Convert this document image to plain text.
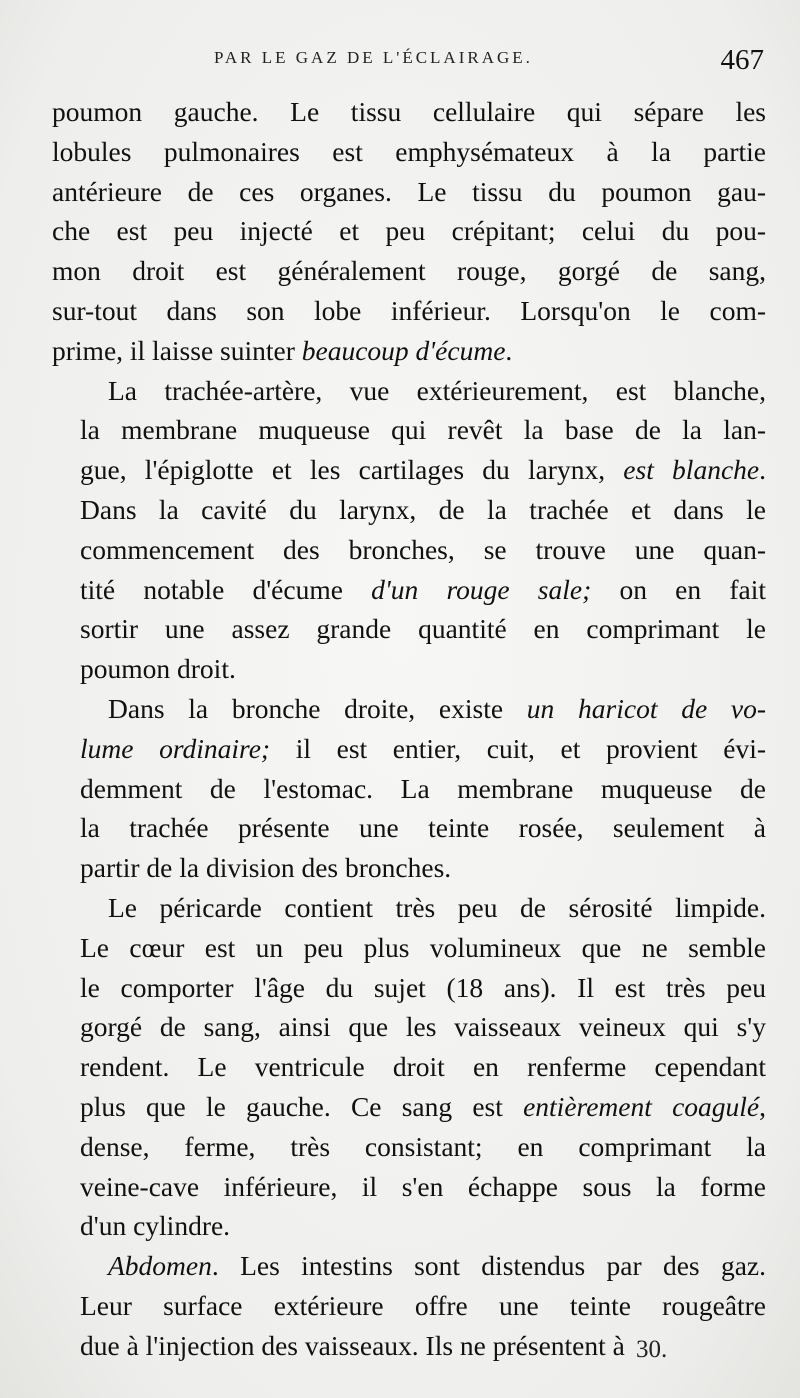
PAR LE GAZ DE L'ÉCLAIRAGE.	467

poumon gauche. Le tissu cellulaire qui sépare les
lobules pulmonaires est emphysémateux à la partie
antérieure de ces organes. Le tissu du poumon gau-
che est peu injecté et peu crépitant; celui du pou-
mon droit est généralement rouge, gorgé de sang,
sur-tout dans son lobe inférieur. Lorsqu'on le com-
prime, il laisse suinter beaucoup d'écume.

La trachée-artère, vue extérieurement, est blanche,
la membrane muqueuse qui revêt la base de la lan-
gue, l'épiglotte et les cartilages du larynx, est blanche.
Dans la cavité du larynx, de la trachée et dans le
commencement des bronches, se trouve une quan-
tité notable d'écume d'un rouge sale; on en fait
sortir une assez grande quantité en comprimant le
poumon droit.

Dans la bronche droite, existe un haricot de vo-
lume ordinaire; il est entier, cuit, et provient évi-
demment de l'estomac. La membrane muqueuse de
la trachée présente une teinte rosée, seulement à
partir de la division des bronches.

Le péricarde contient très peu de sérosité limpide.
Le cœur est un peu plus volumineux que ne semble
le comporter l'âge du sujet (18 ans). Il est très peu
gorgé de sang, ainsi que les vaisseaux veineux qui s'y
rendent. Le ventricule droit en renferme cependant
plus que le gauche. Ce sang est entièrement coagulé,
dense, ferme, très consistant; en comprimant la
veine-cave inférieure, il s'en échappe sous la forme
d'un cylindre.

Abdomen. Les intestins sont distendus par des gaz.
Leur surface extérieure offre une teinte rougeâtre
due à l'injection des vaisseaux. Ils ne présentent à 30.
